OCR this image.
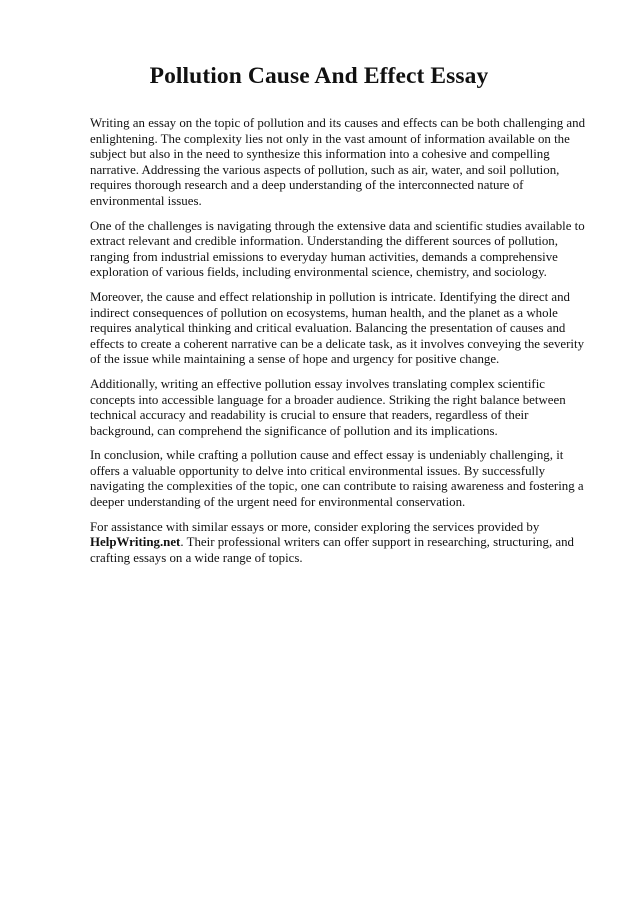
Pollution Cause And Effect Essay

Writing an essay on the topic of pollution and its causes and effects can be both challenging and enlightening. The complexity lies not only in the vast amount of information available on the subject but also in the need to synthesize this information into a cohesive and compelling narrative. Addressing the various aspects of pollution, such as air, water, and soil pollution, requires thorough research and a deep understanding of the interconnected nature of environmental issues.

One of the challenges is navigating through the extensive data and scientific studies available to extract relevant and credible information. Understanding the different sources of pollution, ranging from industrial emissions to everyday human activities, demands a comprehensive exploration of various fields, including environmental science, chemistry, and sociology.

Moreover, the cause and effect relationship in pollution is intricate. Identifying the direct and indirect consequences of pollution on ecosystems, human health, and the planet as a whole requires analytical thinking and critical evaluation. Balancing the presentation of causes and effects to create a coherent narrative can be a delicate task, as it involves conveying the severity of the issue while maintaining a sense of hope and urgency for positive change.

Additionally, writing an effective pollution essay involves translating complex scientific concepts into accessible language for a broader audience. Striking the right balance between technical accuracy and readability is crucial to ensure that readers, regardless of their background, can comprehend the significance of pollution and its implications.

In conclusion, while crafting a pollution cause and effect essay is undeniably challenging, it offers a valuable opportunity to delve into critical environmental issues. By successfully navigating the complexities of the topic, one can contribute to raising awareness and fostering a deeper understanding of the urgent need for environmental conservation.

For assistance with similar essays or more, consider exploring the services provided by HelpWriting.net. Their professional writers can offer support in researching, structuring, and crafting essays on a wide range of topics.
